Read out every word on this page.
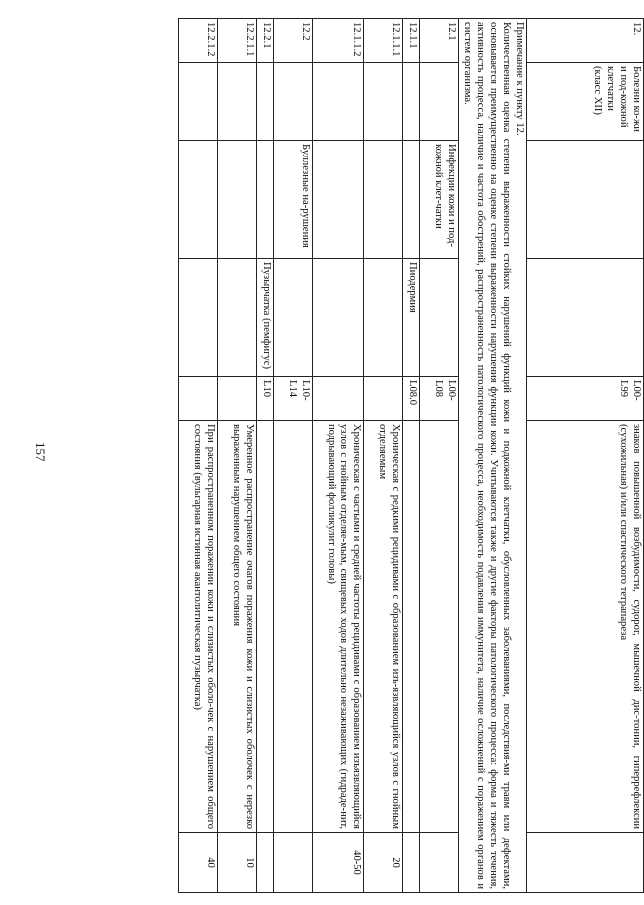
157
12.	Болезни ко-жи и под-кожной клетчатки (класс XII)			L00-L99	знаков повышенной возбудимости, судорог, мышечной дис-тонии, гиперрефлексии (сухожильная) и/или спастического тетрапареза	

Примечание к пункту 12.

Количественная оценка степени выраженности стойких нарушений функций кожи и подкожной клетчатки, обусловленных заболеваниями, последствия-ми травм или дефектами, основывается преимущественно на оценке степени выраженности нарушения функции кожи. Учитываются также и другие факторы патологического процесса: форма и тяжесть течения, активность процесса, наличие и частота обострений, распространенность патологического процесса, необходимость подавления иммунитета, наличие осложнений с поражением органов и систем организма.						

12.1		Инфекции кожи и под-кожной клет-чатки		L00-L08		
12.1.1			Пиодермия	L08.0		
12.1.1.1					Хроническая с редкими рецидивами с образованием изъ-язвляющийся узлов с гнойным отделяемым	20
12.1.1.2					Хроническая с частыми и средней частоты рецидивами с образованием изъязвляющийся узлов с гнойным отделяе-мым, свищевых ходов длительно незаживающих (гидраде-нит, подрывающий фолликулит головы)	40-50
12.2		Буллезные на-рушения		L10-L14		
12.2.1			Пузырчатка (пемфигус)	L10		
12.2.1.1					Умеренное распространение очагов поражения кожи и слизистых оболочек с нерезко выраженным нарушением общего состояния	10
12.2.1.2					При распространенном поражении кожи и слизистых оболо-чек с нарушением общего состояния (вульгарная истинная акантолитическая пузырчатка)	40
